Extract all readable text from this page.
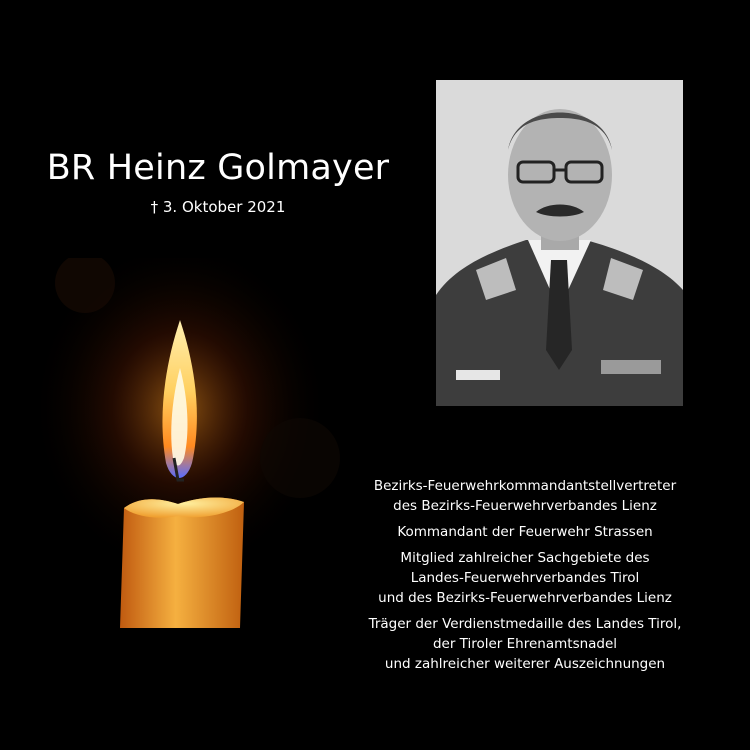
BR Heinz Golmayer
† 3. Oktober 2021

Bezirks-Feuerwehrkommandantstellvertreter
des Bezirks-Feuerwehrverbandes Lienz

Kommandant der Feuerwehr Strassen

Mitglied zahlreicher Sachgebiete des
Landes-Feuerwehrverbandes Tirol
und des Bezirks-Feuerwehrverbandes Lienz

Träger der Verdienstmedaille des Landes Tirol,
der Tiroler Ehrenamtsnadel
und zahlreicher weiterer Auszeichnungen
